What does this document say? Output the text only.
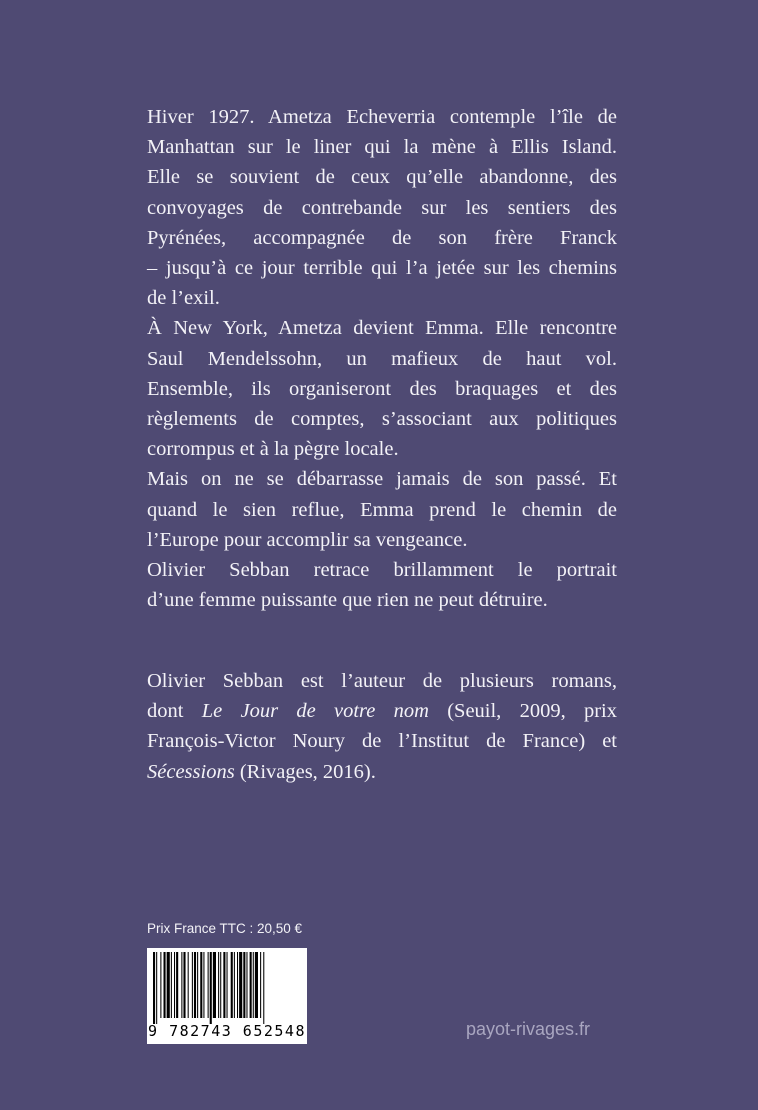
Hiver 1927. Ametza Echeverria contemple l’île de
Manhattan sur le liner qui la mène à Ellis Island.
Elle se souvient de ceux qu’elle abandonne, des
convoyages de contrebande sur les sentiers des
Pyrénées, accompagnée de son frère Franck
– jusqu’à ce jour terrible qui l’a jetée sur les chemins
de l’exil.

À New York, Ametza devient Emma. Elle rencontre
Saul Mendelssohn, un mafieux de haut vol.
Ensemble, ils organiseront des braquages et des
règlements de comptes, s’associant aux politiques
corrompus et à la pègre locale.

Mais on ne se débarrasse jamais de son passé. Et
quand le sien reflue, Emma prend le chemin de
l’Europe pour accomplir sa vengeance.

Olivier Sebban retrace brillamment le portrait
d’une femme puissante que rien ne peut détruire.

Olivier Sebban est l’auteur de plusieurs romans,
dont Le Jour de votre nom (Seuil, 2009, prix
François-Victor Noury de l’Institut de France) et
Sécessions (Rivages, 2016).
Prix France TTC : 20,50 €
9 782743 652548	payot-rivages.fr
